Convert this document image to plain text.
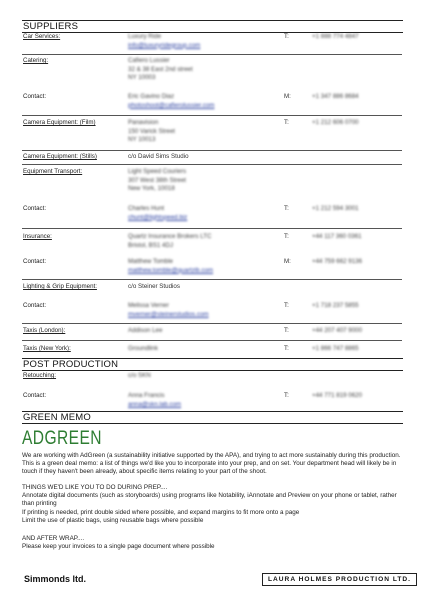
SUPPLIERS
Car Services:	Luxury Ride
info@luxuryridegroup.com
T:	+1 888 774 4847
Catering:	Cafiero Lussier
32 & 38 East 2nd street
NY 10003
Contact:	Eric Gavino Diaz
photoshoot@cafierolussier.com
M:	+1 347 886 8684
Camera Equipment: (Film)	Panavision
150 Varick Street
NY 10013
T:	+1 212 606 0700
Camera Equipment: (Stills)	c/o David Sims Studio
Equipment Transport:	Light Speed Couriers
307 West 38th Street
New York, 10018
Contact:	Charles Hunt
chunt@lightspeed.biz
T:	+1 212 594 3001
Insurance:	Quartz Insurance Brokers LTC
Bristol, BS1 4DJ
T:	+44 117 360 0361
Contact:	Matthew Tomble
matthew.tomble@quartzib.com
M:	+44 759 662 9136
Lighting & Grip Equipment:	c/o Steiner Studios
Contact:	Melissa Verner
mverner@steinerstudios.com
T:	+1 718 237 5855
Taxis (London):	Addison Lee	T:	+44 207 407 9000
Taxis (New York):	Groundlink	T:	+1 866 747 8865
POST PRODUCTION
Retouching:	c/o SKN
Contact:	Anna Francis
anna@skn.lab.com
T:	+44 771 819 0620
GREEN MEMO
ADGREEN

We are working with AdGreen (a sustainability initiative supported by the APA), and trying to act more sustainably during this production. This is a green deal memo: a list of things we'd like you to incorporate into your prep, and on set. Your department head will likely be in touch if they haven't been already, about specific items relating to your part of the shoot.

THINGS WE'D LIKE YOU TO DO DURING PREP....

Annotate digital documents (such as storyboards) using programs like Notability, iAnnotate and Preview on your phone or tablet, rather than printing

If printing is needed, print double sided where possible, and expand margins to fit more onto a page

Limit the use of plastic bags, using reusable bags where possible

AND AFTER WRAP....

Please keep your invoices to a single page document where possible

Simmonds ltd.	LAURA HOLMES PRODUCTION LTD.
